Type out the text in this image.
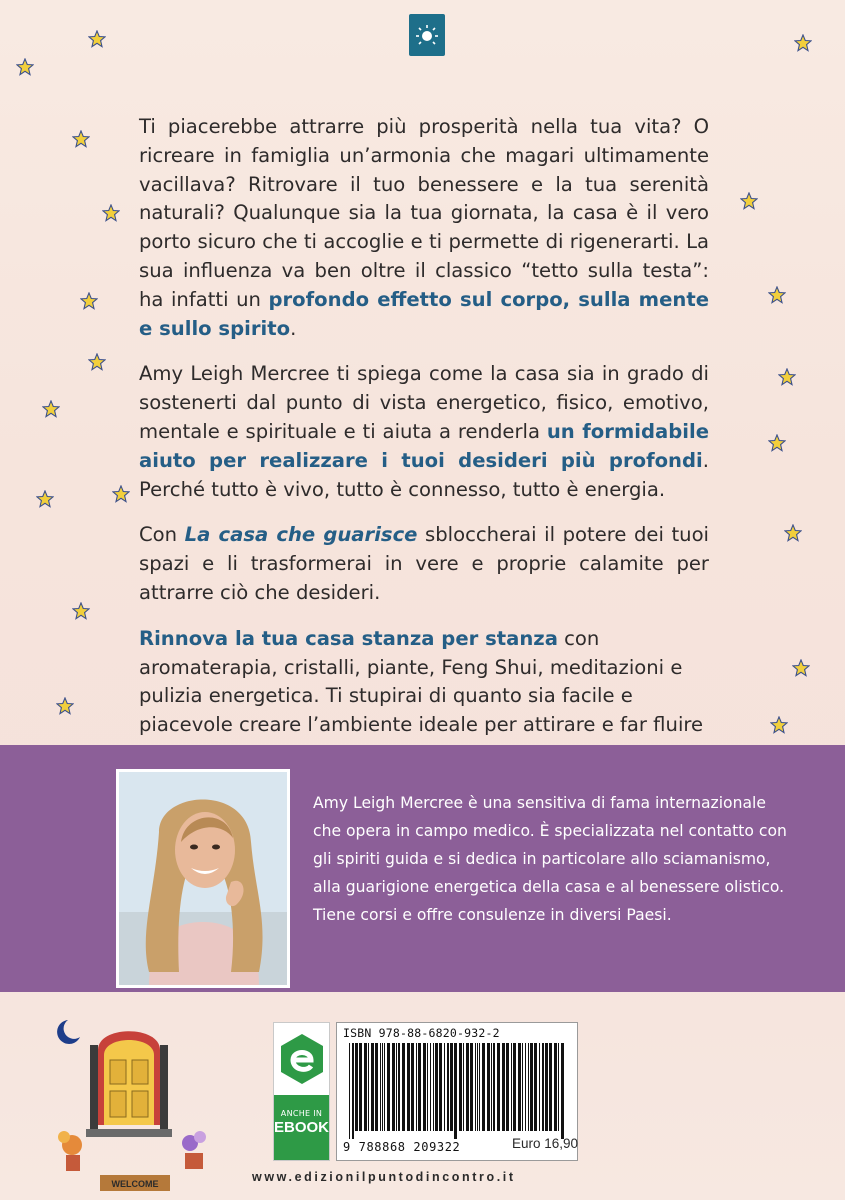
Ti piacerebbe attrarre più prosperità nella tua vita? O ricreare in famiglia un’armonia che magari ultimamente vacillava? Ritrovare il tuo benessere e la tua serenità naturali? Qualunque sia la tua giornata, la casa è il vero porto sicuro che ti accoglie e ti permette di rigenerarti. La sua influenza va ben oltre il classico “tetto sulla testa”: ha infatti un profondo effetto sul corpo, sulla mente e sullo spirito.

Amy Leigh Mercree ti spiega come la casa sia in grado di sostenerti dal punto di vista energetico, fisico, emotivo, mentale e spirituale e ti aiuta a renderla un formidabile aiuto per realizzare i tuoi desideri più profondi. Perché tutto è vivo, tutto è connesso, tutto è energia.

Con La casa che guarisce sbloccherai il potere dei tuoi spazi e li trasformerai in vere e proprie calamite per attrarre ciò che desideri.

Rinnova la tua casa stanza per stanza con aromaterapia, cristalli, piante, Feng Shui, meditazioni e pulizia energetica. Ti stupirai di quanto sia facile e piacevole creare l’ambiente ideale per attirare e far fluire

Amy Leigh Mercree è una sensitiva di fama internazionale che opera in campo medico. È specializzata nel contatto con gli spiriti guida e si dedica in particolare allo sciamanismo, alla guarigione energetica della casa e al benessere olistico. Tiene corsi e offre consulenze in diversi Paesi.
WELCOME
ANCHE IN
EBOOK
ISBN 978-88-6820-932-2
9 788868 209322	Euro 16,90
www.edizionilpuntodincontro.it
